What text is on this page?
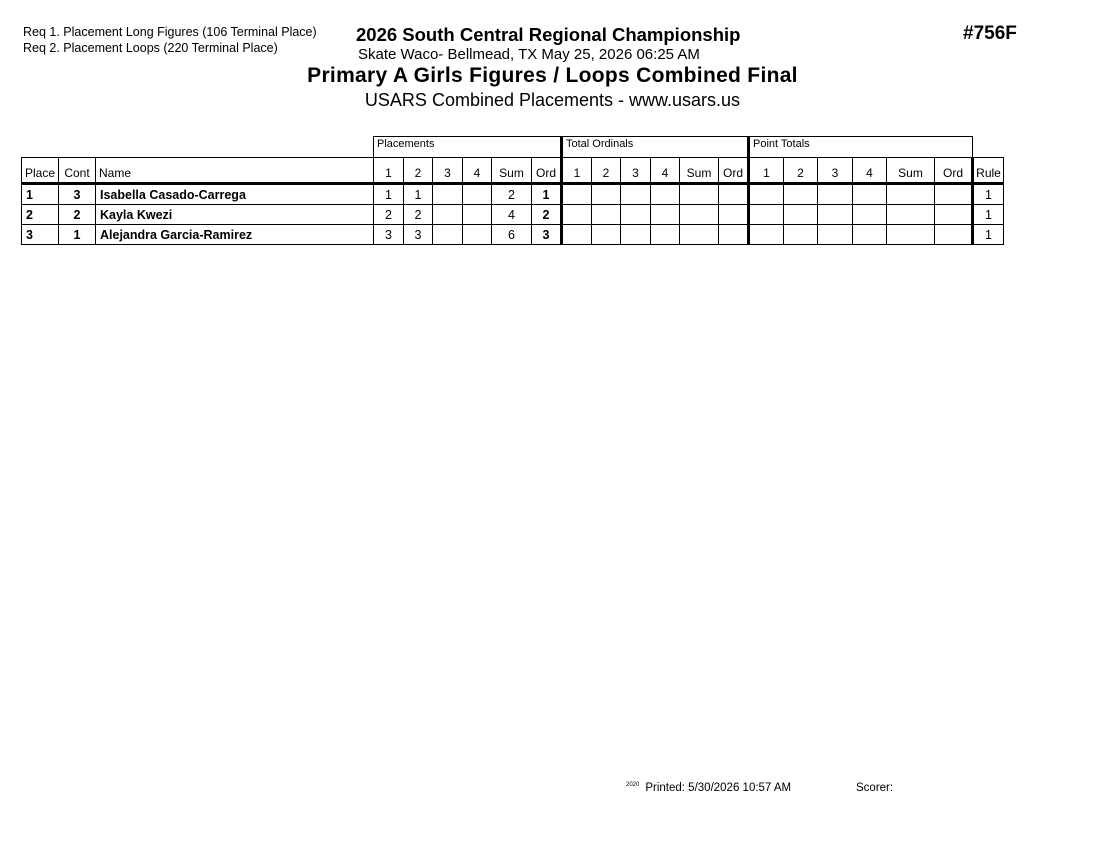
Req 1. Placement Long Figures (106 Terminal Place)
Req 2. Placement Loops (220 Terminal Place)
2026 South Central Regional Championship
Skate Waco- Bellmead, TX May 25, 2026 06:25 AM
Primary A Girls Figures / Loops Combined Final
USARS Combined Placements - www.usars.us
#756F
			Placements						Total Ordinals						Point Totals						
Place	Cont	Name	1	2	3	4	Sum	Ord	1	2	3	4	Sum	Ord	1	2	3	4	Sum	Ord	Rule
1	3	Isabella Casado-Carrega	1	1			2	1													1
2	2	Kayla Kwezi	2	2			4	2													1
3	1	Alejandra Garcia-Ramirez	3	3			6	3													1
$^{2020}$ Printed: 5/30/2026 10:57 AM	Scorer:
